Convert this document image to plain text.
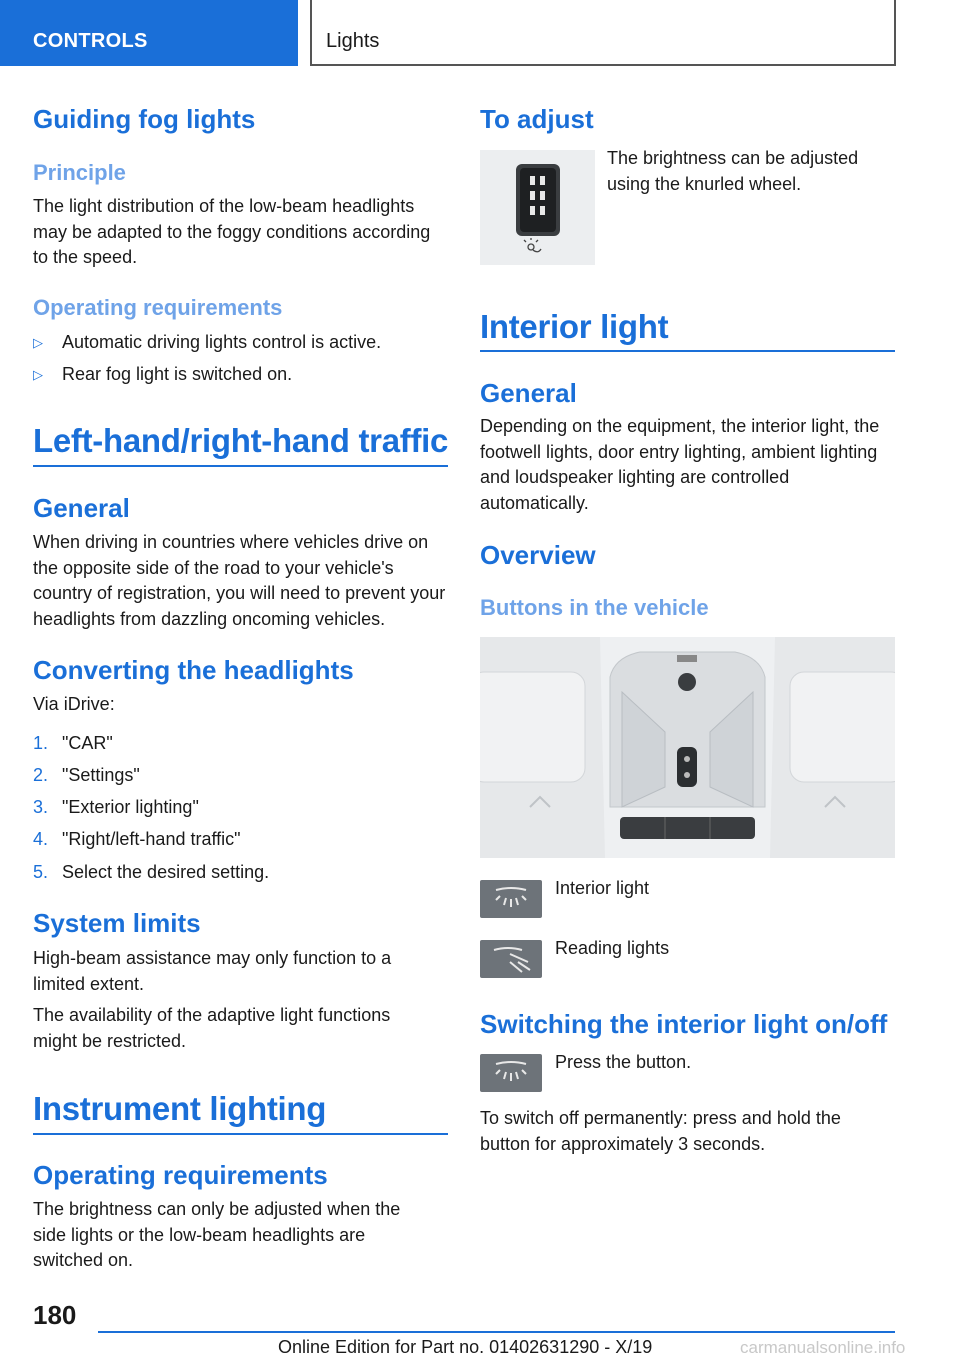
CONTROLS	Lights
Guiding fog lights
Principle

The light distribution of the low-beam headlights may be adapted to the foggy conditions according to the speed.

Operating requirements
▷ Automatic driving lights control is active.
▷ Rear fog light is switched on.
Left-hand/right-hand traffic
General

When driving in countries where vehicles drive on the opposite side of the road to your vehicle's country of registration, you will need to prevent your headlights from dazzling oncoming vehicles.

Converting the headlights

Via iDrive:

1. "CAR"
2. "Settings"
3. "Exterior lighting"
4. "Right/left-hand traffic"
5. Select the desired setting.
System limits

High-beam assistance may only function to a limited extent.

The availability of the adaptive light functions might be restricted.

Instrument lighting
Operating requirements

The brightness can only be adjusted when the side lights or the low-beam headlights are switched on.

To adjust

The brightness can be adjusted using the knurled wheel.

Interior light
General

Depending on the equipment, the interior light, the footwell lights, door entry lighting, ambient lighting and loudspeaker lighting are controlled automatically.

Overview
Buttons in the vehicle
Interior light
Reading lights
Switching the interior light on/off
Press the button.

To switch off permanently: press and hold the button for approximately 3 seconds.

180
Online Edition for Part no. 01402631290 - X/19	carmanualsonline.info
